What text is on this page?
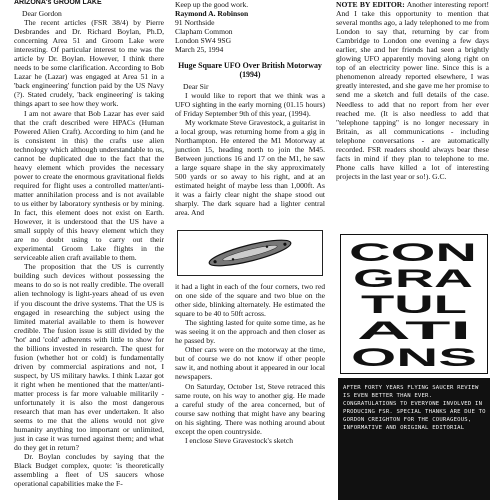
ARIZONA's GROOM LAKE

Dear Gordon

The recent articles (FSR 38/4) by Pierre Desbrandes and Dr. Richard Boylan, Ph.D, concerning Area 51 and Groom Lake were interesting. Of particular interest to me was the article by Dr. Boylan. However, I think there needs to be some clarification. According to Bob Lazar he (Lazar) was engaged at Area 51 in a 'back engineering' function paid by the US Navy (?). Stated crudely, 'back engineering' is taking things apart to see how they work.

I am not aware that Bob Lazar has ever said that the craft described were HPACs (Human Powered Alien Craft). According to him (and he is consistent in this) the crafts use alien technology which although understandable to us, cannot be duplicated due to the fact that the heavy element which provides the necessary power to create the enormous gravitational fields required for flight uses a controlled matter/anti-matter annihilation process and is not available to us either by laboratory synthesis or by mining. In fact, this element does not exist on Earth. However, it is understood that the US have a small supply of this heavy element which they are no doubt using to carry out their experimental Groom Lake flights in the serviceable alien craft available to them.

The proposition that the US is currently building such devices without possessing the means to do so is not really credible. The overall alien technology is light-years ahead of us even if you discount the drive systems. That the US is engaged in researching the subject using the limited material available to them is however credible. The fusion issue is still divided by the 'hot' and 'cold' adherents with little to show for the billions invested in research. The quest for fusion (whether hot or cold) is fundamentally driven by commercial aspirations and not, I suspect, by US military hawks. I think Lazar got it right when he mentioned that the matter/anti-matter process is far more valuable militarily - unfortunately it is also the most dangerous research that man has ever undertaken. It also seems to me that the aliens would not give humanity anything too important or unlimited, just in case it was turned against them; and what do they get in return?

Dr. Boylan concludes by saying that the Black Budget complex, quote: 'is theoretically assembling a fleet of US saucers whose operational capabilities make the F-

Keep up the good work.

Raymond A. Robinson

91 Northside

Clapham Common

London SW4 9SG

March 25, 1994

Huge Square UFO Over British Motorway (1994)

Dear Sir

I would like to report that we think was a UFO sighting in the early morning (01.15 hours) of Friday September 9th of this year, (1994).

My workmate Steve Gravestock, a guitarist in a local group, was returning home from a gig in Northampton. He entered the M1 Motorway at junction 15, heading north to join the M45. Between junctions 16 and 17 on the M1, he saw a large square shape in the sky approximately 500 yards or so away to his right, and at an estimated height of maybe less than 1,000ft. As it was a fairly clear night the shape stood out sharply. The dark square had a lighter central area. And

it had a light in each of the four corners, two red on one side of the square and two blue on the other side, blinking alternately. He estimated the square to be 40 to 50ft across.

The sighting lasted for quite some time, as he was seeing it on the approach and then closer as he passed by.

Other cars were on the motorway at the time, but of course we do not know if other people saw it, and nothing about it appeared in our local newspapers.

On Saturday, October 1st, Steve retraced this same route, on his way to another gig. He made a careful study of the area concerned, but of course saw nothing that might have any bearing on his sighting. There was nothing around about except the open countryside.

I enclose Steve Gravestock's sketch

NOTE BY EDITOR: Another interesting report! And I take this opportunity to mention that several months ago, a lady telephoned to me from London to say that, returning by car from Cambridge to London one evening a few days earlier, she and her friends had seen a brightly glowing UFO apparently moving along right on top of an electricity power line. Since this is a phenomenon already reported elsewhere, I was greatly interested, and she gave me her promise to send me a sketch and full details of the case. Needless to add that no report from her ever reached me. (It is also needless to add that "telephone tapping" is no longer necessary in Britain, as all communications - including telephone conversations - are automatically recorded. FSR readers should always bear these facts in mind if they plan to telephone to me. Phone calls have killed a lot of interesting projects in the last year or so!). G.C.

CON
GRA
TUL
ATI
ONS
AFTER FORTY YEARS FLYING SAUCER REVIEW IS EVEN BETTER THAN EVER. CONGRATULATIONS TO EVERYONE INVOLVED IN PRODUCING FSR. SPECIAL THANKS ARE DUE TO GORDON CREIGHTON FOR THE COURAGEOUS, INFORMATIVE AND ORIGINAL EDITORIAL
